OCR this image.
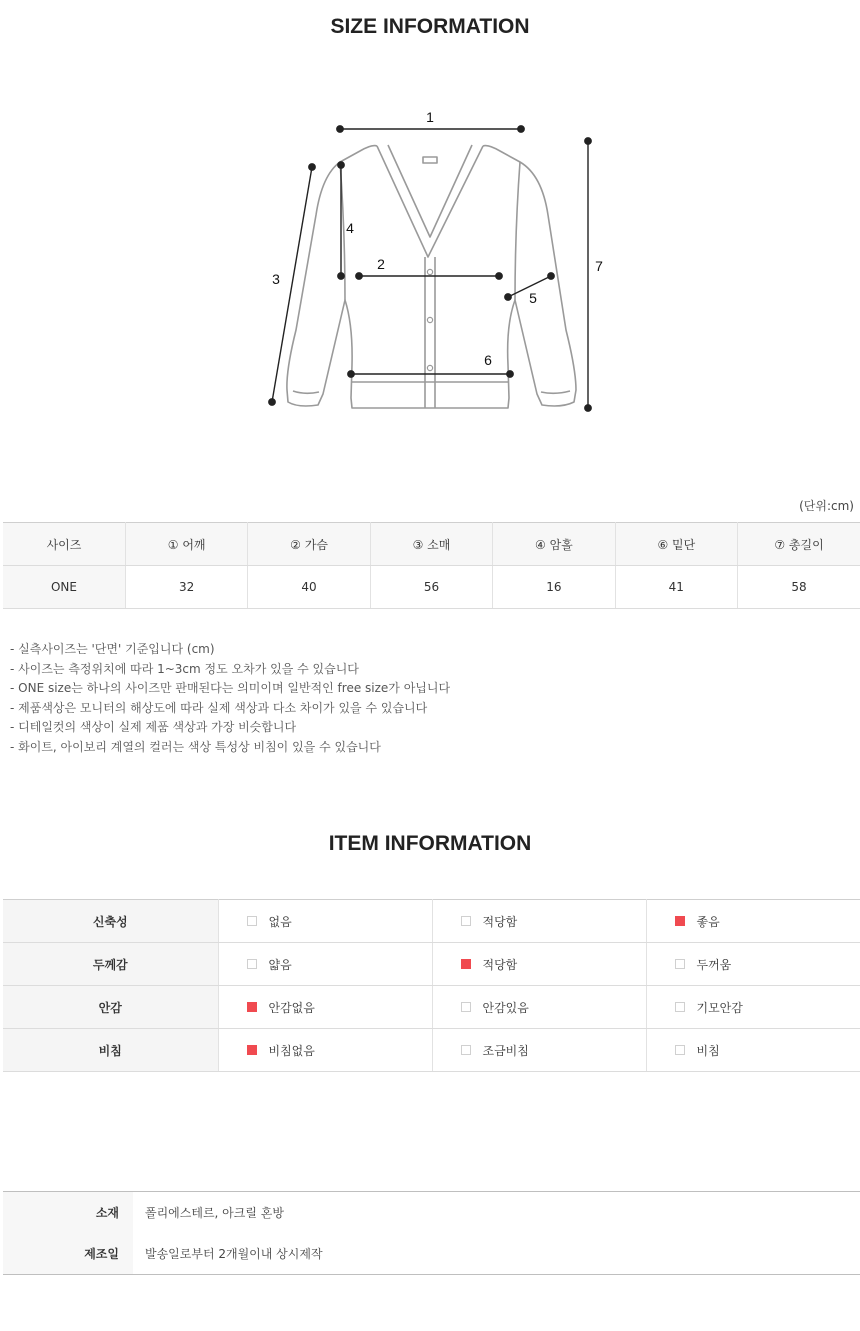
SIZE INFORMATION
1
2
3
4
5
6
7
(단위:cm)
사이즈	① 어깨	② 가슴	③ 소매	④ 암홀	⑥ 밑단	⑦ 총길이
ONE	32	40	56	16	41	58
- 실측사이즈는 '단면' 기준입니다 (cm)
- 사이즈는 측정위치에 따라 1~3cm 정도 오차가 있을 수 있습니다
- ONE size는 하나의 사이즈만 판매된다는 의미이며 일반적인 free size가 아닙니다
- 제품색상은 모니터의 해상도에 따라 실제 색상과 다소 차이가 있을 수 있습니다
- 디테일컷의 색상이 실제 제품 색상과 가장 비슷합니다
- 화이트, 아이보리 계열의 컬러는 색상 특성상 비침이 있을 수 있습니다
ITEM INFORMATION
신축성	없음	적당함	좋음
두께감	얇음	적당함	두꺼움
안감	안감없음	안감있음	기모안감
비침	비침없음	조금비침	비침
소재	폴리에스테르, 아크릴 혼방
제조일	발송일로부터 2개월이내 상시제작
